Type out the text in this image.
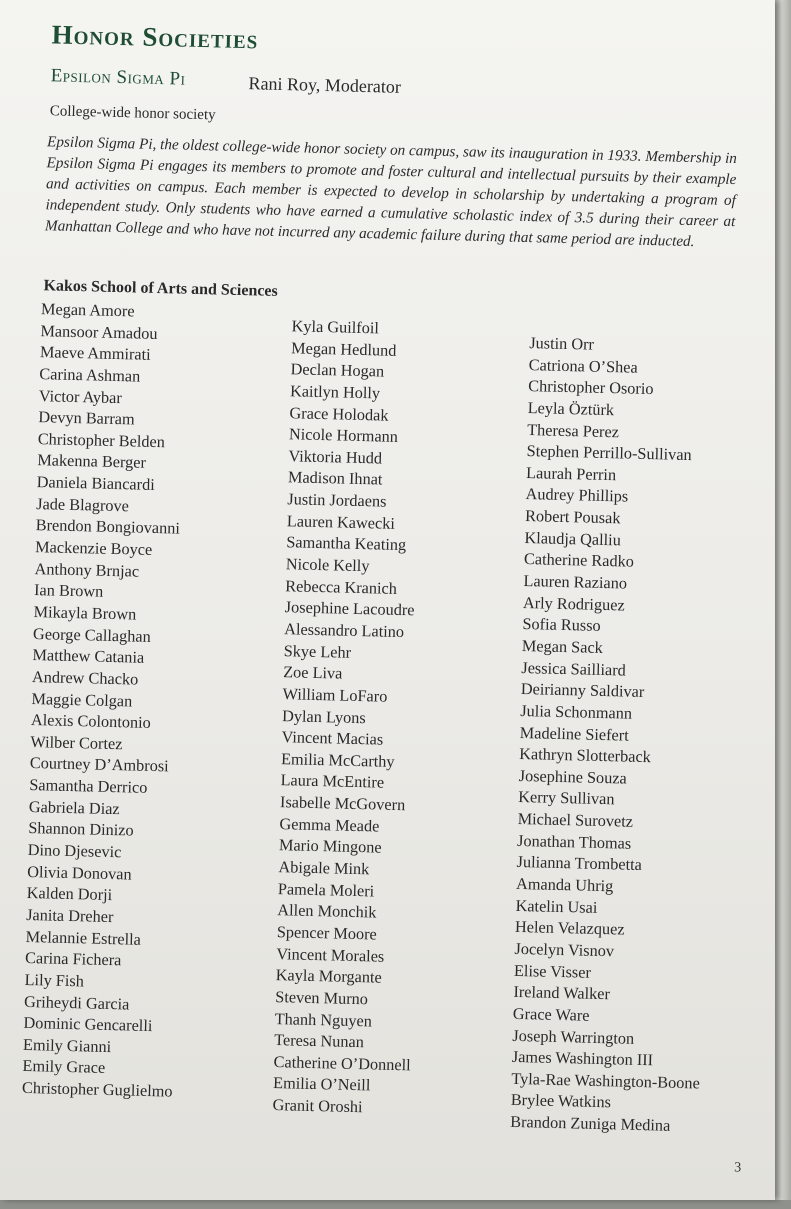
Honor Societies
Epsilon Sigma Pi	Rani Roy, Moderator
College-wide honor society

Epsilon Sigma Pi, the oldest college-wide honor society on campus, saw its inauguration in 1933. Membership in Epsilon Sigma Pi engages its members to promote and foster cultural and intellectual pursuits by their example and activities on campus. Each member is expected to develop in scholarship by undertaking a program of independent study. Only students who have earned a cumulative scholastic index of 3.5 during their career at Manhattan College and who have not incurred any academic failure during that same period are inducted.

Kakos School of Arts and Sciences
Megan Amore
Mansoor Amadou
Maeve Ammirati
Carina Ashman
Victor Aybar
Devyn Barram
Christopher Belden
Makenna Berger
Daniela Biancardi
Jade Blagrove
Brendon Bongiovanni
Mackenzie Boyce
Anthony Brnjac
Ian Brown
Mikayla Brown
George Callaghan
Matthew Catania
Andrew Chacko
Maggie Colgan
Alexis Colontonio
Wilber Cortez
Courtney D’Ambrosi
Samantha Derrico
Gabriela Diaz
Shannon Dinizo
Dino Djesevic
Olivia Donovan
Kalden Dorji
Janita Dreher
Melannie Estrella
Carina Fichera
Lily Fish
Griheydi Garcia
Dominic Gencarelli
Emily Gianni
Emily Grace
Christopher Guglielmo
Kyla Guilfoil
Megan Hedlund
Declan Hogan
Kaitlyn Holly
Grace Holodak
Nicole Hormann
Viktoria Hudd
Madison Ihnat
Justin Jordaens
Lauren Kawecki
Samantha Keating
Nicole Kelly
Rebecca Kranich
Josephine Lacoudre
Alessandro Latino
Skye Lehr
Zoe Liva
William LoFaro
Dylan Lyons
Vincent Macias
Emilia McCarthy
Laura McEntire
Isabelle McGovern
Gemma Meade
Mario Mingone
Abigale Mink
Pamela Moleri
Allen Monchik
Spencer Moore
Vincent Morales
Kayla Morgante
Steven Murno
Thanh Nguyen
Teresa Nunan
Catherine O’Donnell
Emilia O’Neill
Granit Oroshi
Justin Orr
Catriona O’Shea
Christopher Osorio
Leyla Öztürk
Theresa Perez
Stephen Perrillo-Sullivan
Laurah Perrin
Audrey Phillips
Robert Pousak
Klaudja Qalliu
Catherine Radko
Lauren Raziano
Arly Rodriguez
Sofia Russo
Megan Sack
Jessica Sailliard
Deirianny Saldivar
Julia Schonmann
Madeline Siefert
Kathryn Slotterback
Josephine Souza
Kerry Sullivan
Michael Surovetz
Jonathan Thomas
Julianna Trombetta
Amanda Uhrig
Katelin Usai
Helen Velazquez
Jocelyn Visnov
Elise Visser
Ireland Walker
Grace Ware
Joseph Warrington
James Washington III
Tyla-Rae Washington-Boone
Brylee Watkins
Brandon Zuniga Medina
3
